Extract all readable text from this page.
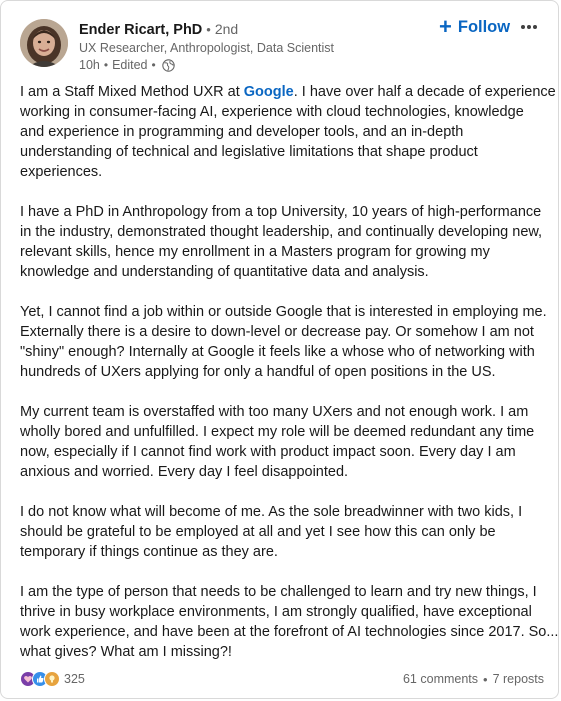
Ender Ricart, PhD • 2nd
UX Researcher, Anthropologist, Data Scientist
10h • Edited •
+ Follow

I am a Staff Mixed Method UXR at Google. I have over half a decade of experience
working in consumer-facing AI, experience with cloud technologies, knowledge
and experience in programming and developer tools, and an in-depth
understanding of technical and legislative limitations that shape product
experiences.

I have a PhD in Anthropology from a top University, 10 years of high-performance
in the industry, demonstrated thought leadership, and continually developing new,
relevant skills, hence my enrollment in a Masters program for growing my
knowledge and understanding of quantitative data and analysis.

Yet, I cannot find a job within or outside Google that is interested in employing me.
Externally there is a desire to down-level or decrease pay. Or somehow I am not
"shiny" enough? Internally at Google it feels like a whose who of networking with
hundreds of UXers applying for only a handful of open positions in the US.

My current team is overstaffed with too many UXers and not enough work. I am
wholly bored and unfulfilled. I expect my role will be deemed redundant any time
now, especially if I cannot find work with product impact soon. Every day I am
anxious and worried. Every day I feel disappointed.

I do not know what will become of me. As the sole breadwinner with two kids, I
should be grateful to be employed at all and yet I see how this can only be
temporary if things continue as they are.

I am the type of person that needs to be challenged to learn and try new things, I
thrive in busy workplace environments, I am strongly qualified, have exceptional
work experience, and have been at the forefront of AI technologies since 2017. So...
what gives? What am I missing?!

325	61 comments • 7 reposts
